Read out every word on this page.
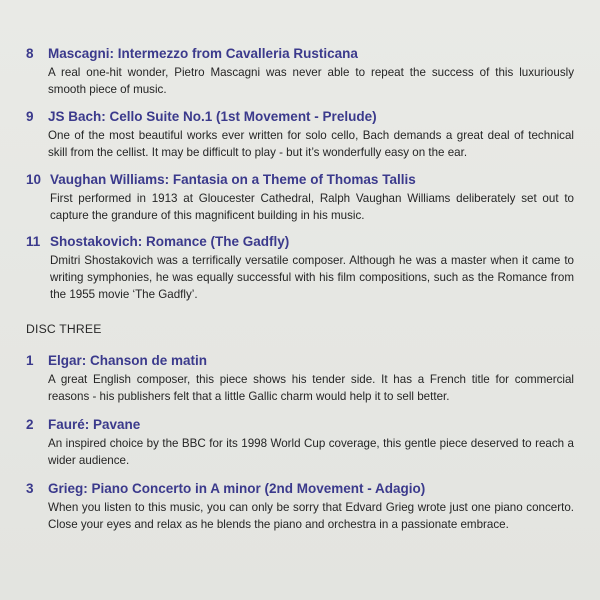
8	Mascagni: Intermezzo from Cavalleria Rusticana
A real one-hit wonder, Pietro Mascagni was never able to repeat the success of this luxuriously smooth piece of music.
9	JS Bach: Cello Suite No.1 (1st Movement - Prelude)
One of the most beautiful works ever written for solo cello, Bach demands a great deal of technical skill from the cellist. It may be difficult to play - but it’s wonderfully easy on the ear.
10 Vaughan Williams: Fantasia on a Theme of Thomas Tallis
First performed in 1913 at Gloucester Cathedral, Ralph Vaughan Williams deliberately set out to capture the grandure of this magnificent building in his music.
11 Shostakovich: Romance (The Gadfly)
Dmitri Shostakovich was a terrifically versatile composer. Although he was a master when it came to writing symphonies, he was equally successful with his film compositions, such as the Romance from the 1955 movie ‘The Gadfly’.
DISC THREE
1	Elgar: Chanson de matin
A great English composer, this piece shows his tender side. It has a French title for commercial reasons - his publishers felt that a little Gallic charm would help it to sell better.
2	Fauré: Pavane
An inspired choice by the BBC for its 1998 World Cup coverage, this gentle piece deserved to reach a wider audience.
3	Grieg: Piano Concerto in A minor (2nd Movement - Adagio)
When you listen to this music, you can only be sorry that Edvard Grieg wrote just one piano concerto. Close your eyes and relax as he blends the piano and orchestra in a passionate embrace.
